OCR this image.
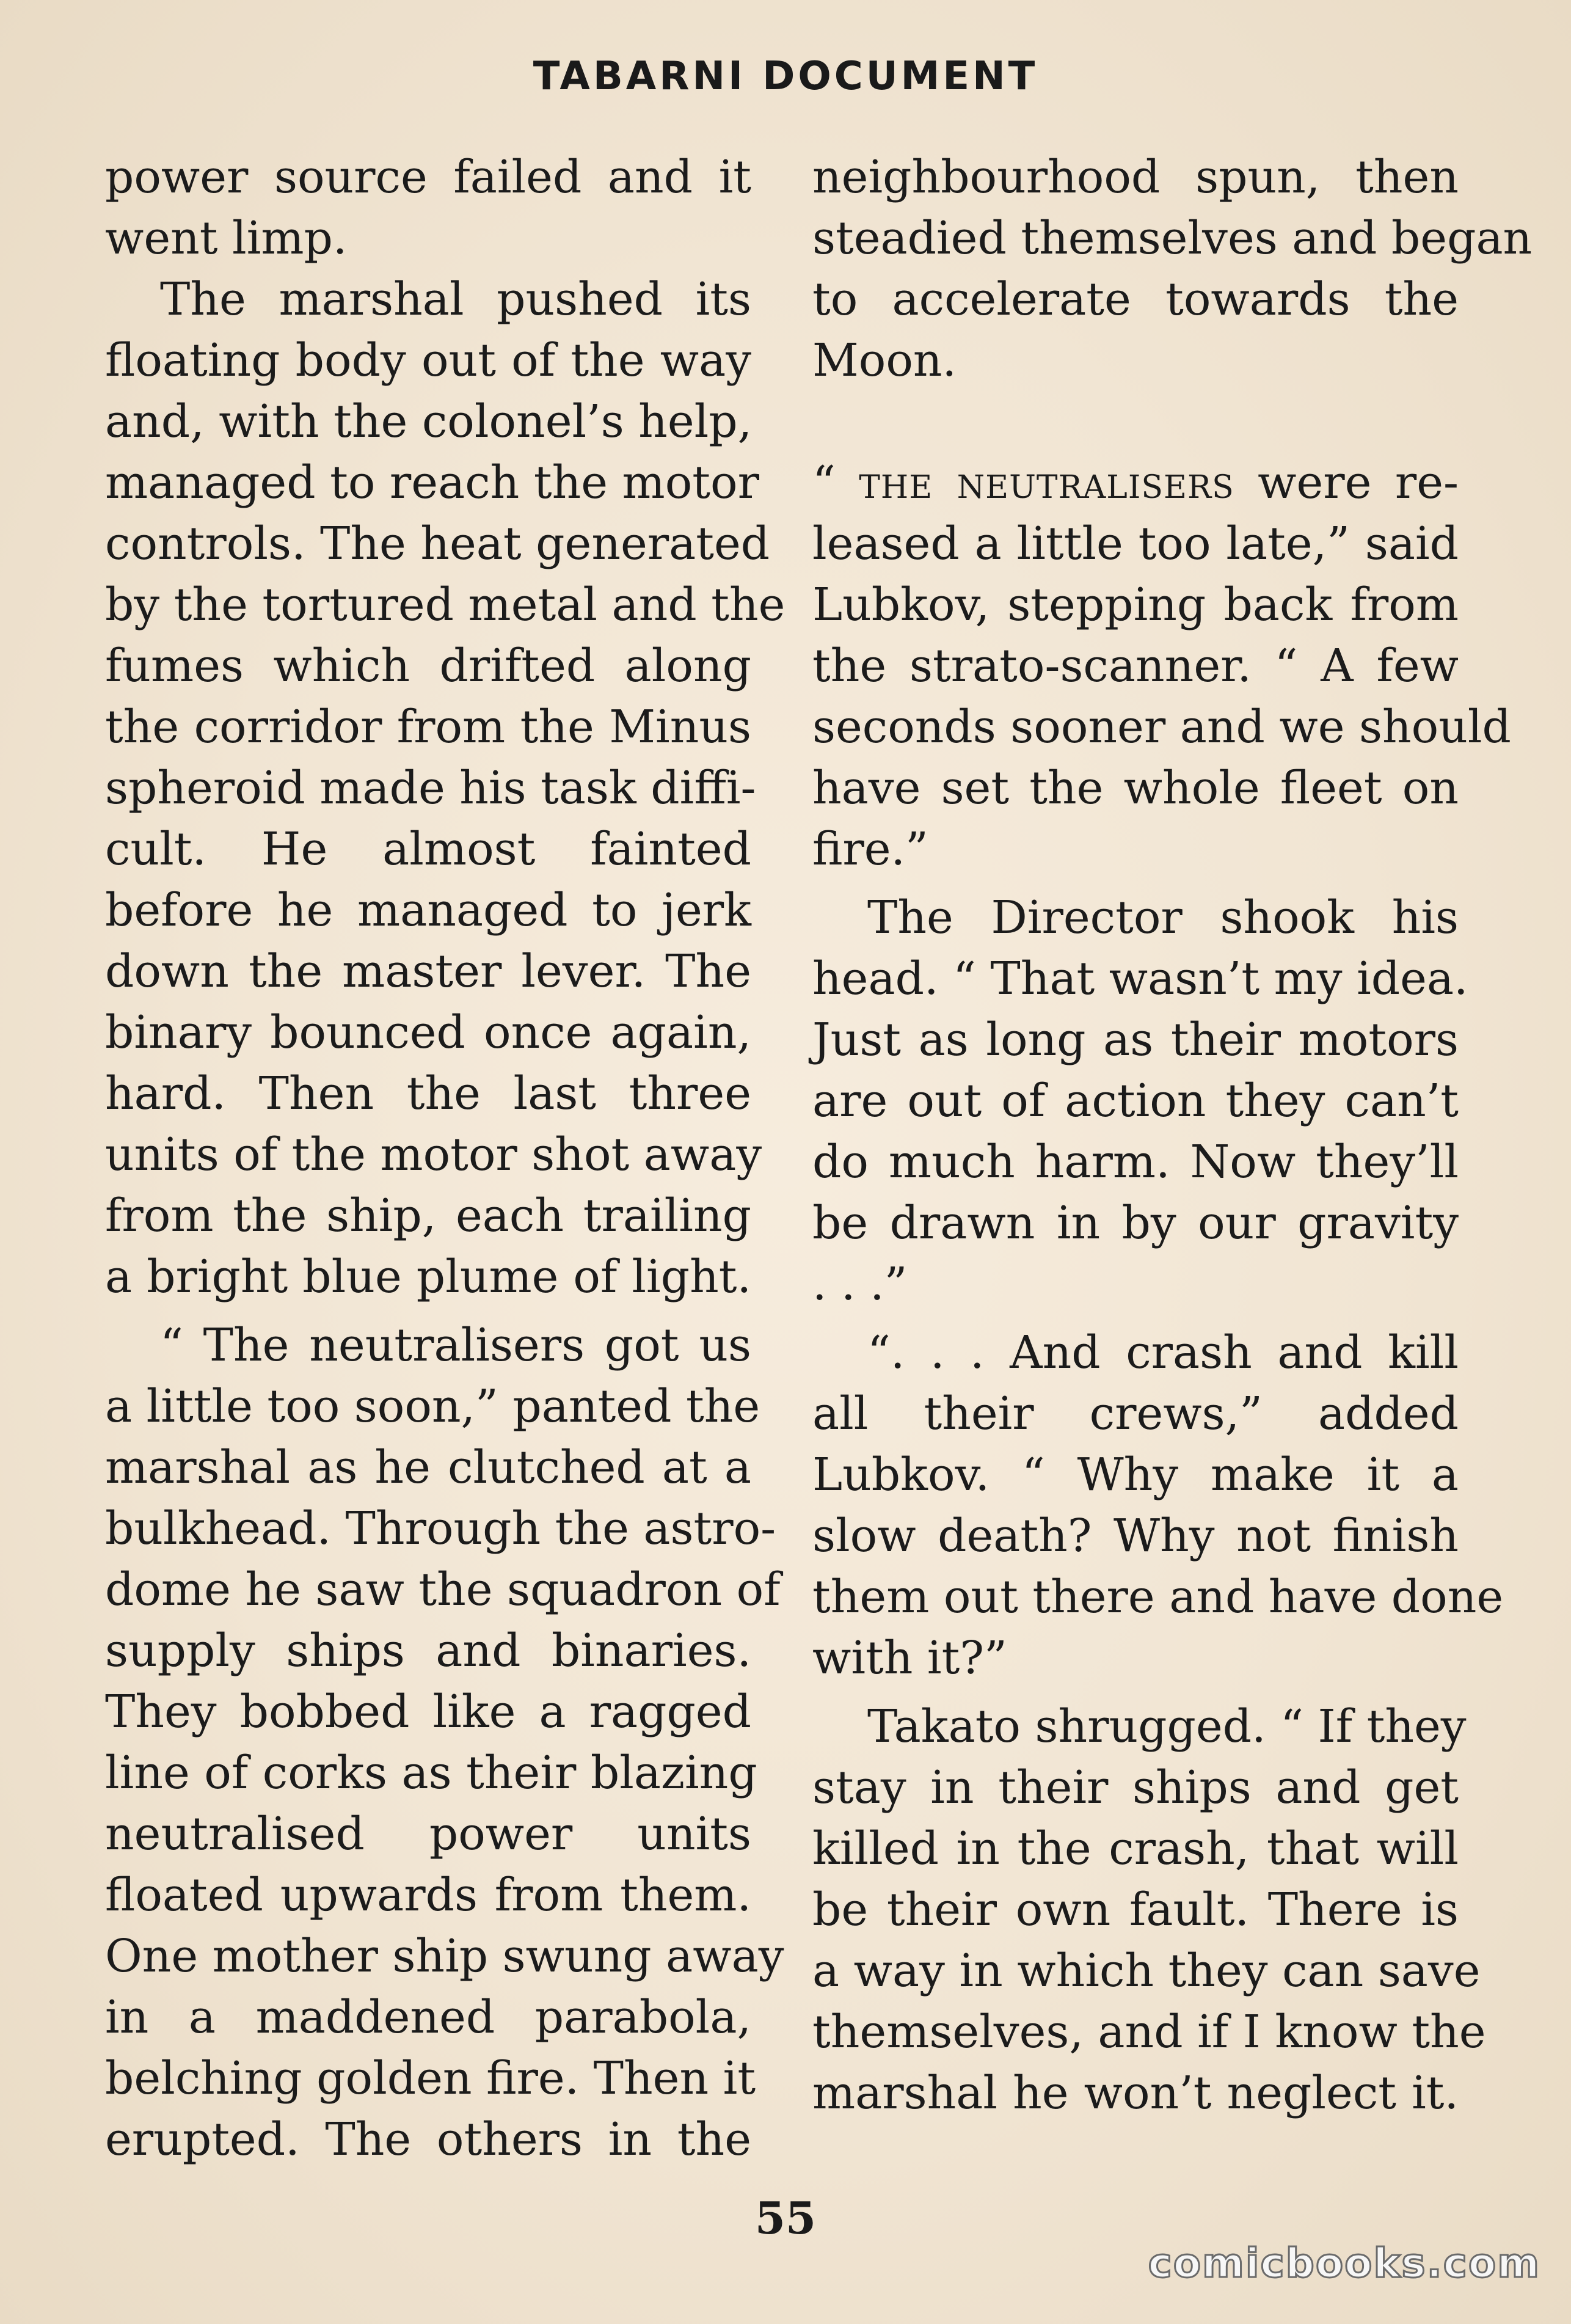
TABARNI DOCUMENT
power source failed and it
went limp.
The marshal pushed its
floating body out of the way
and, with the colonel’s help,
managed to reach the motor
controls. The heat generated
by the tortured metal and the
fumes which drifted along
the corridor from the Minus
spheroid made his task diffi-
cult. He almost fainted
before he managed to jerk
down the master lever. The
binary bounced once again,
hard. Then the last three
units of the motor shot away
from the ship, each trailing
a bright blue plume of light.
“ The neutralisers got us
a little too soon,” panted the
marshal as he clutched at a
bulkhead. Through the astro-
dome he saw the squadron of
supply ships and binaries.
They bobbed like a ragged
line of corks as their blazing
neutralised power units
floated upwards from them.
One mother ship swung away
in a maddened parabola,
belching golden fire. Then it
erupted. The others in the
neighbourhood spun, then
steadied themselves and began
to accelerate towards the
Moon.
“ the neutralisers were re-
leased a little too late,” said
Lubkov, stepping back from
the strato-scanner. “ A few
seconds sooner and we should
have set the whole fleet on
fire.”
The Director shook his
head. “ That wasn’t my idea.
Just as long as their motors
are out of action they can’t
do much harm. Now they’ll
be drawn in by our gravity
. . .”
“. . . And crash and kill
all their crews,” added
Lubkov. “ Why make it a
slow death? Why not finish
them out there and have done
with it?”
Takato shrugged. “ If they
stay in their ships and get
killed in the crash, that will
be their own fault. There is
a way in which they can save
themselves, and if I know the
marshal he won’t neglect it.
55
comicbooks.com
